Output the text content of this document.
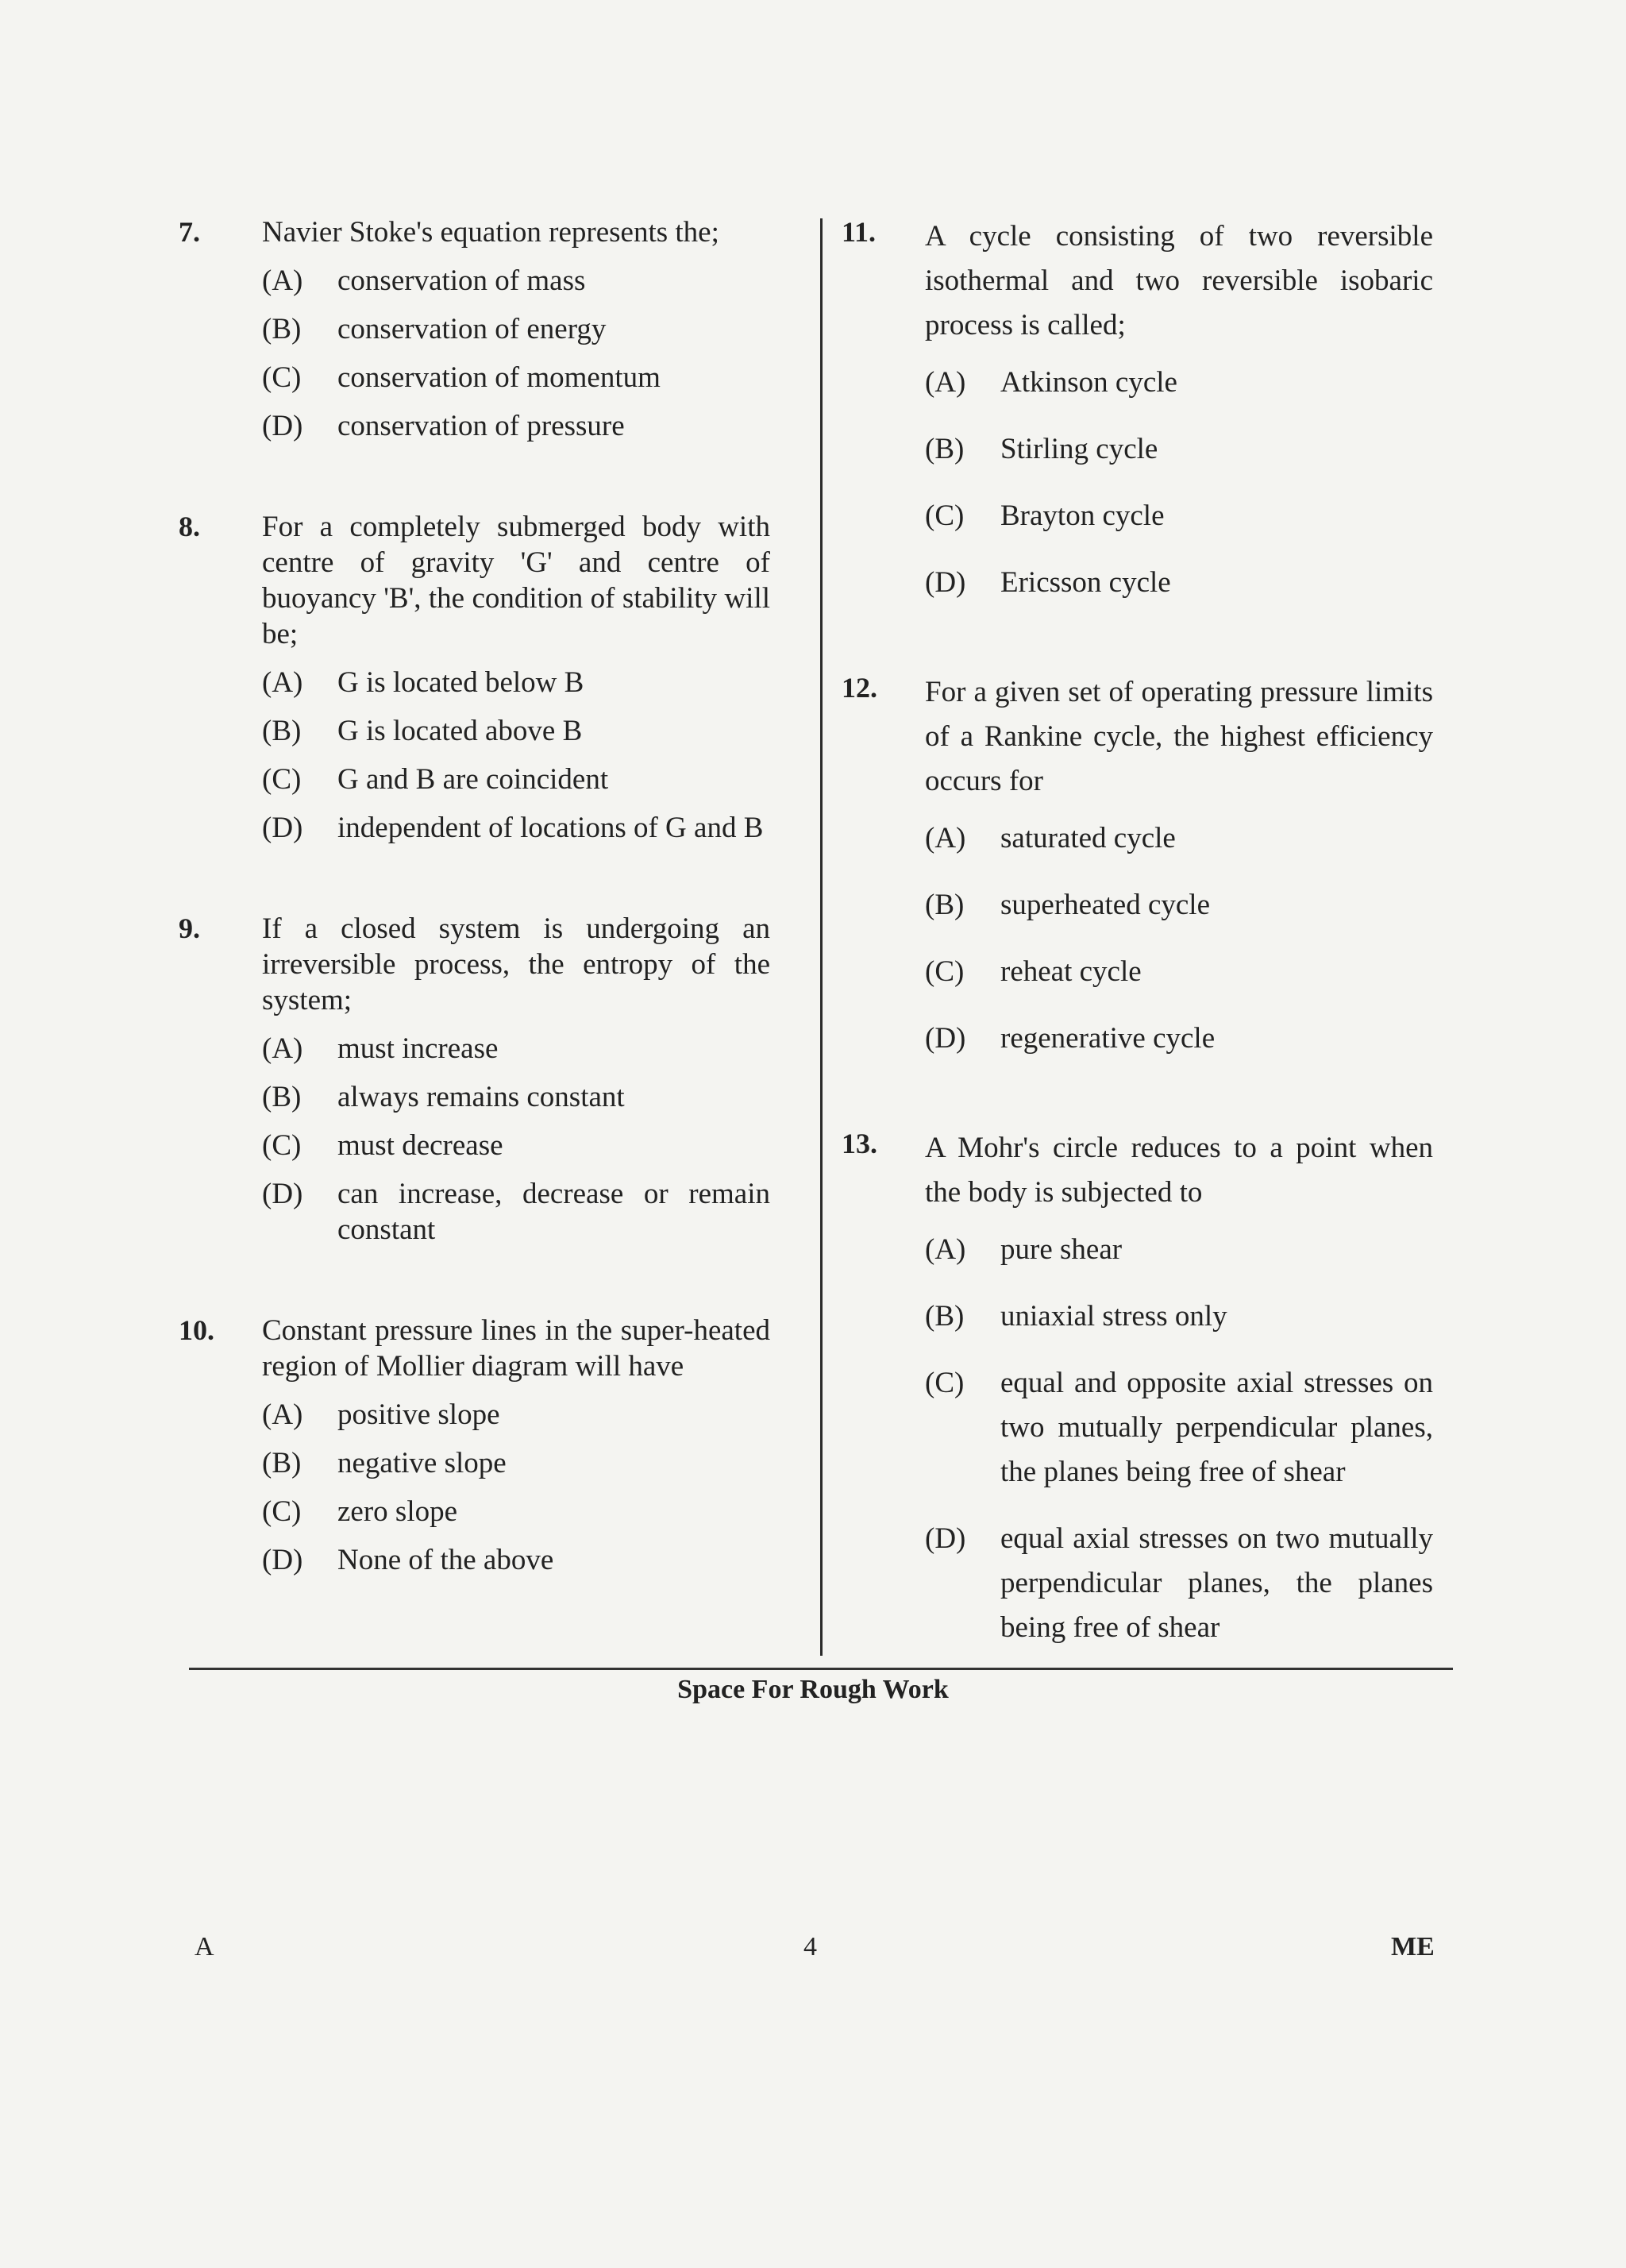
7.	Navier Stoke's equation represents the;
(A)	conservation of mass
(B)	conservation of energy
(C)	conservation of momentum
(D)	conservation of pressure
8.	For a completely submerged body with centre of gravity 'G' and centre of buoyancy 'B', the condition of stability will be;
(A)	G is located below B
(B)	G is located above B
(C)	G and B are coincident
(D)	independent of locations of G and B
9.	If a closed system is undergoing an irreversible process, the entropy of the system;
(A)	must increase
(B)	always remains constant
(C)	must decrease
(D)	can increase, decrease or remain constant
10.	Constant pressure lines in the super-heated region of Mollier diagram will have
(A)	positive slope
(B)	negative slope
(C)	zero slope
(D)	None of the above
11.	A cycle consisting of two reversible isothermal and two reversible isobaric process is called;
(A)	Atkinson cycle
(B)	Stirling cycle
(C)	Brayton cycle
(D)	Ericsson cycle
12.	For a given set of operating pressure limits of a Rankine cycle, the highest efficiency occurs for
(A)	saturated cycle
(B)	superheated cycle
(C)	reheat cycle
(D)	regenerative cycle
13.	A Mohr's circle reduces to a point when the body is subjected to
(A)	pure shear
(B)	uniaxial stress only
(C)	equal and opposite axial stresses on two mutually perpendicular planes, the planes being free of shear
(D)	equal axial stresses on two mutually perpendicular planes, the planes being free of shear
Space For Rough Work
A	4	ME
